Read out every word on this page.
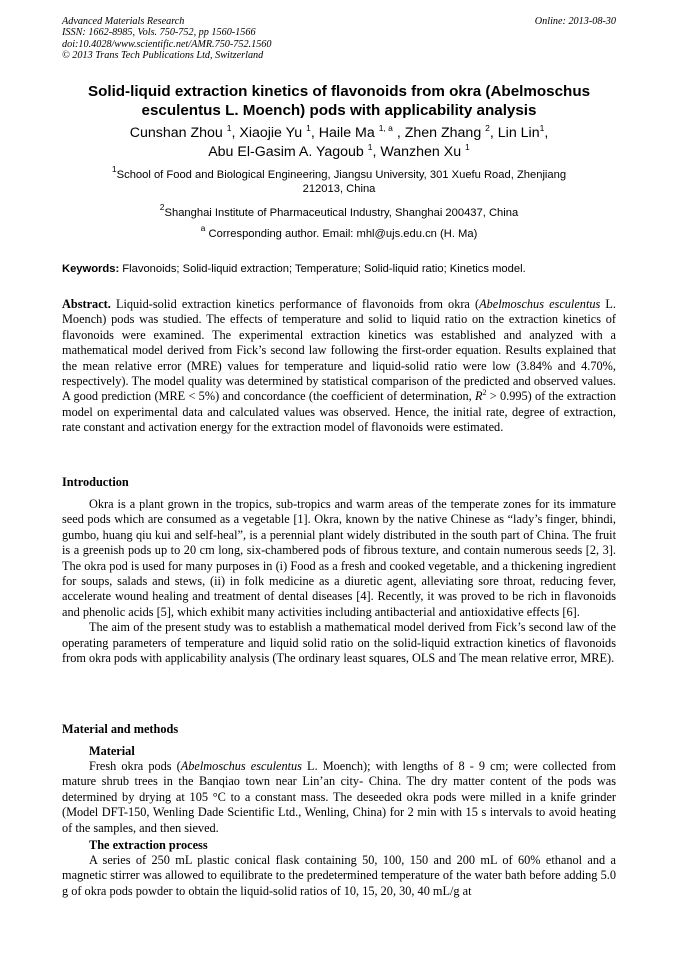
Advanced Materials Research
ISSN: 1662-8985, Vols. 750-752, pp 1560-1566
doi:10.4028/www.scientific.net/AMR.750-752.1560
© 2013 Trans Tech Publications Ltd, Switzerland
Online: 2013-08-30
Solid-liquid extraction kinetics of flavonoids from okra (Abelmoschus
esculentus L. Moench) pods with applicability analysis
Cunshan Zhou $^1$, Xiaojie Yu $^1$, Haile Ma $^{1, a}$ , Zhen Zhang $^2$, Lin Lin$^1$,
Abu El-Gasim A. Yagoub $^1$, Wanzhen Xu $^1$
$^1$School of Food and Biological Engineering, Jiangsu University, 301 Xuefu Road, Zhenjiang
212013, China
$^2$Shanghai Institute of Pharmaceutical Industry, Shanghai 200437, China
$^a$ Corresponding author. Email: mhl@ujs.edu.cn (H. Ma)
Keywords: Flavonoids; Solid-liquid extraction; Temperature; Solid-liquid ratio; Kinetics model.

Abstract. Liquid-solid extraction kinetics performance of flavonoids from okra (Abelmoschus esculentus L. Moench) pods was studied. The effects of temperature and solid to liquid ratio on the extraction kinetics of flavonoids were examined. The experimental extraction kinetics was established and analyzed with a mathematical model derived from Fick’s second law following the first-order equation. Results explained that the mean relative error (MRE) values for temperature and liquid-solid ratio were low (3.84% and 4.70%, respectively). The model quality was determined by statistical comparison of the predicted and observed values. A good prediction (MRE < 5%) and concordance (the coefficient of determination, $R^2 > 0.995$) of the extraction model on experimental data and calculated values was observed. Hence, the initial rate, degree of extraction, rate constant and activation energy for the extraction model of flavonoids were estimated.

Introduction

Okra is a plant grown in the tropics, sub-tropics and warm areas of the temperate zones for its immature seed pods which are consumed as a vegetable [1]. Okra, known by the native Chinese as “lady’s finger, bhindi, gumbo, huang qiu kui and self-heal”, is a perennial plant widely distributed in the south part of China. The fruit is a greenish pods up to 20 cm long, six-chambered pods of fibrous texture, and contain numerous seeds [2, 3]. The okra pod is used for many purposes in (i) Food as a fresh and cooked vegetable, and a thickening ingredient for soups, salads and stews, (ii) in folk medicine as a diuretic agent, alleviating sore throat, reducing fever, accelerate wound healing and treatment of dental diseases [4]. Recently, it was proved to be rich in flavonoids and phenolic acids [5], which exhibit many activities including antibacterial and antioxidative effects [6].

The aim of the present study was to establish a mathematical model derived from Fick’s second law of the operating parameters of temperature and liquid solid ratio on the solid-liquid extraction kinetics of flavonoids from okra pods with applicability analysis (The ordinary least squares, OLS and The mean relative error, MRE).

Material and methods
Material

Fresh okra pods (Abelmoschus esculentus L. Moench); with lengths of 8 - 9 cm; were collected from mature shrub trees in the Banqiao town near Lin’an city- China. The dry matter content of the pods was determined by drying at 105 °C to a constant mass. The deseeded okra pods were milled in a knife grinder (Model DFT-150, Wenling Dade Scientific Ltd., Wenling, China) for 2 min with 15 s intervals to avoid heating of the samples, and then sieved.

The extraction process

A series of 250 mL plastic conical flask containing 50, 100, 150 and 200 mL of 60% ethanol and a magnetic stirrer was allowed to equilibrate to the predetermined temperature of the water bath before adding 5.0 g of okra pods powder to obtain the liquid-solid ratios of 10, 15, 20, 30, 40 mL/g at
